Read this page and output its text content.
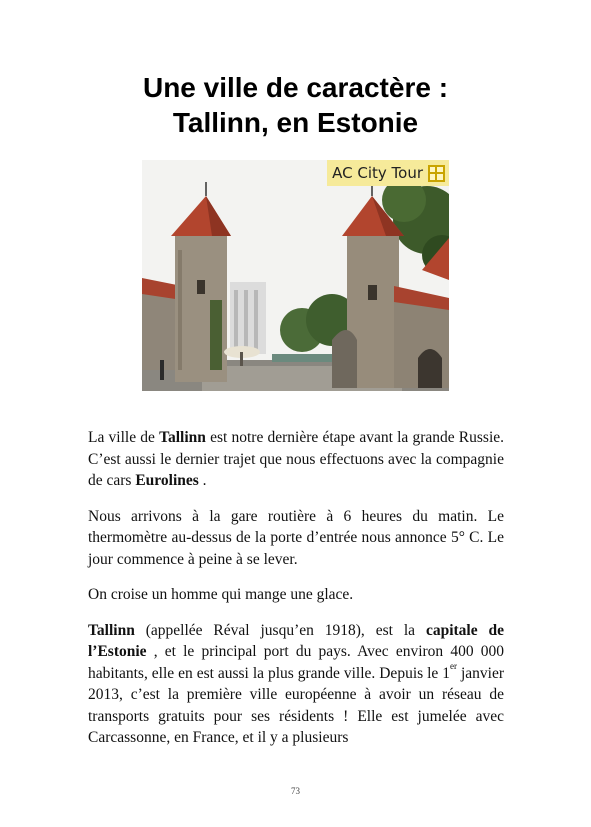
Une ville de caractère :
Tallinn, en Estonie
AC City Tour

La ville de Tallinn est notre dernière étape avant la grande Russie. C’est aussi le dernier trajet que nous effectuons avec la compagnie de cars Eurolines .

Nous arrivons à la gare routière à 6 heures du matin. Le thermomètre au-dessus de la porte d’entrée nous annonce 5° C. Le jour commence à peine à se lever.

On croise un homme qui mange une glace.

Tallinn (appellée Réval jusqu’en 1918), est la capitale de l’Estonie , et le principal port du pays. Avec environ 400 000 habitants, elle en est aussi la plus grande ville. Depuis le 1er janvier 2013, c’est la première ville européenne à avoir un réseau de transports gratuits pour ses résidents ! Elle est jumelée avec Carcassonne, en France, et il y a plusieurs

73
